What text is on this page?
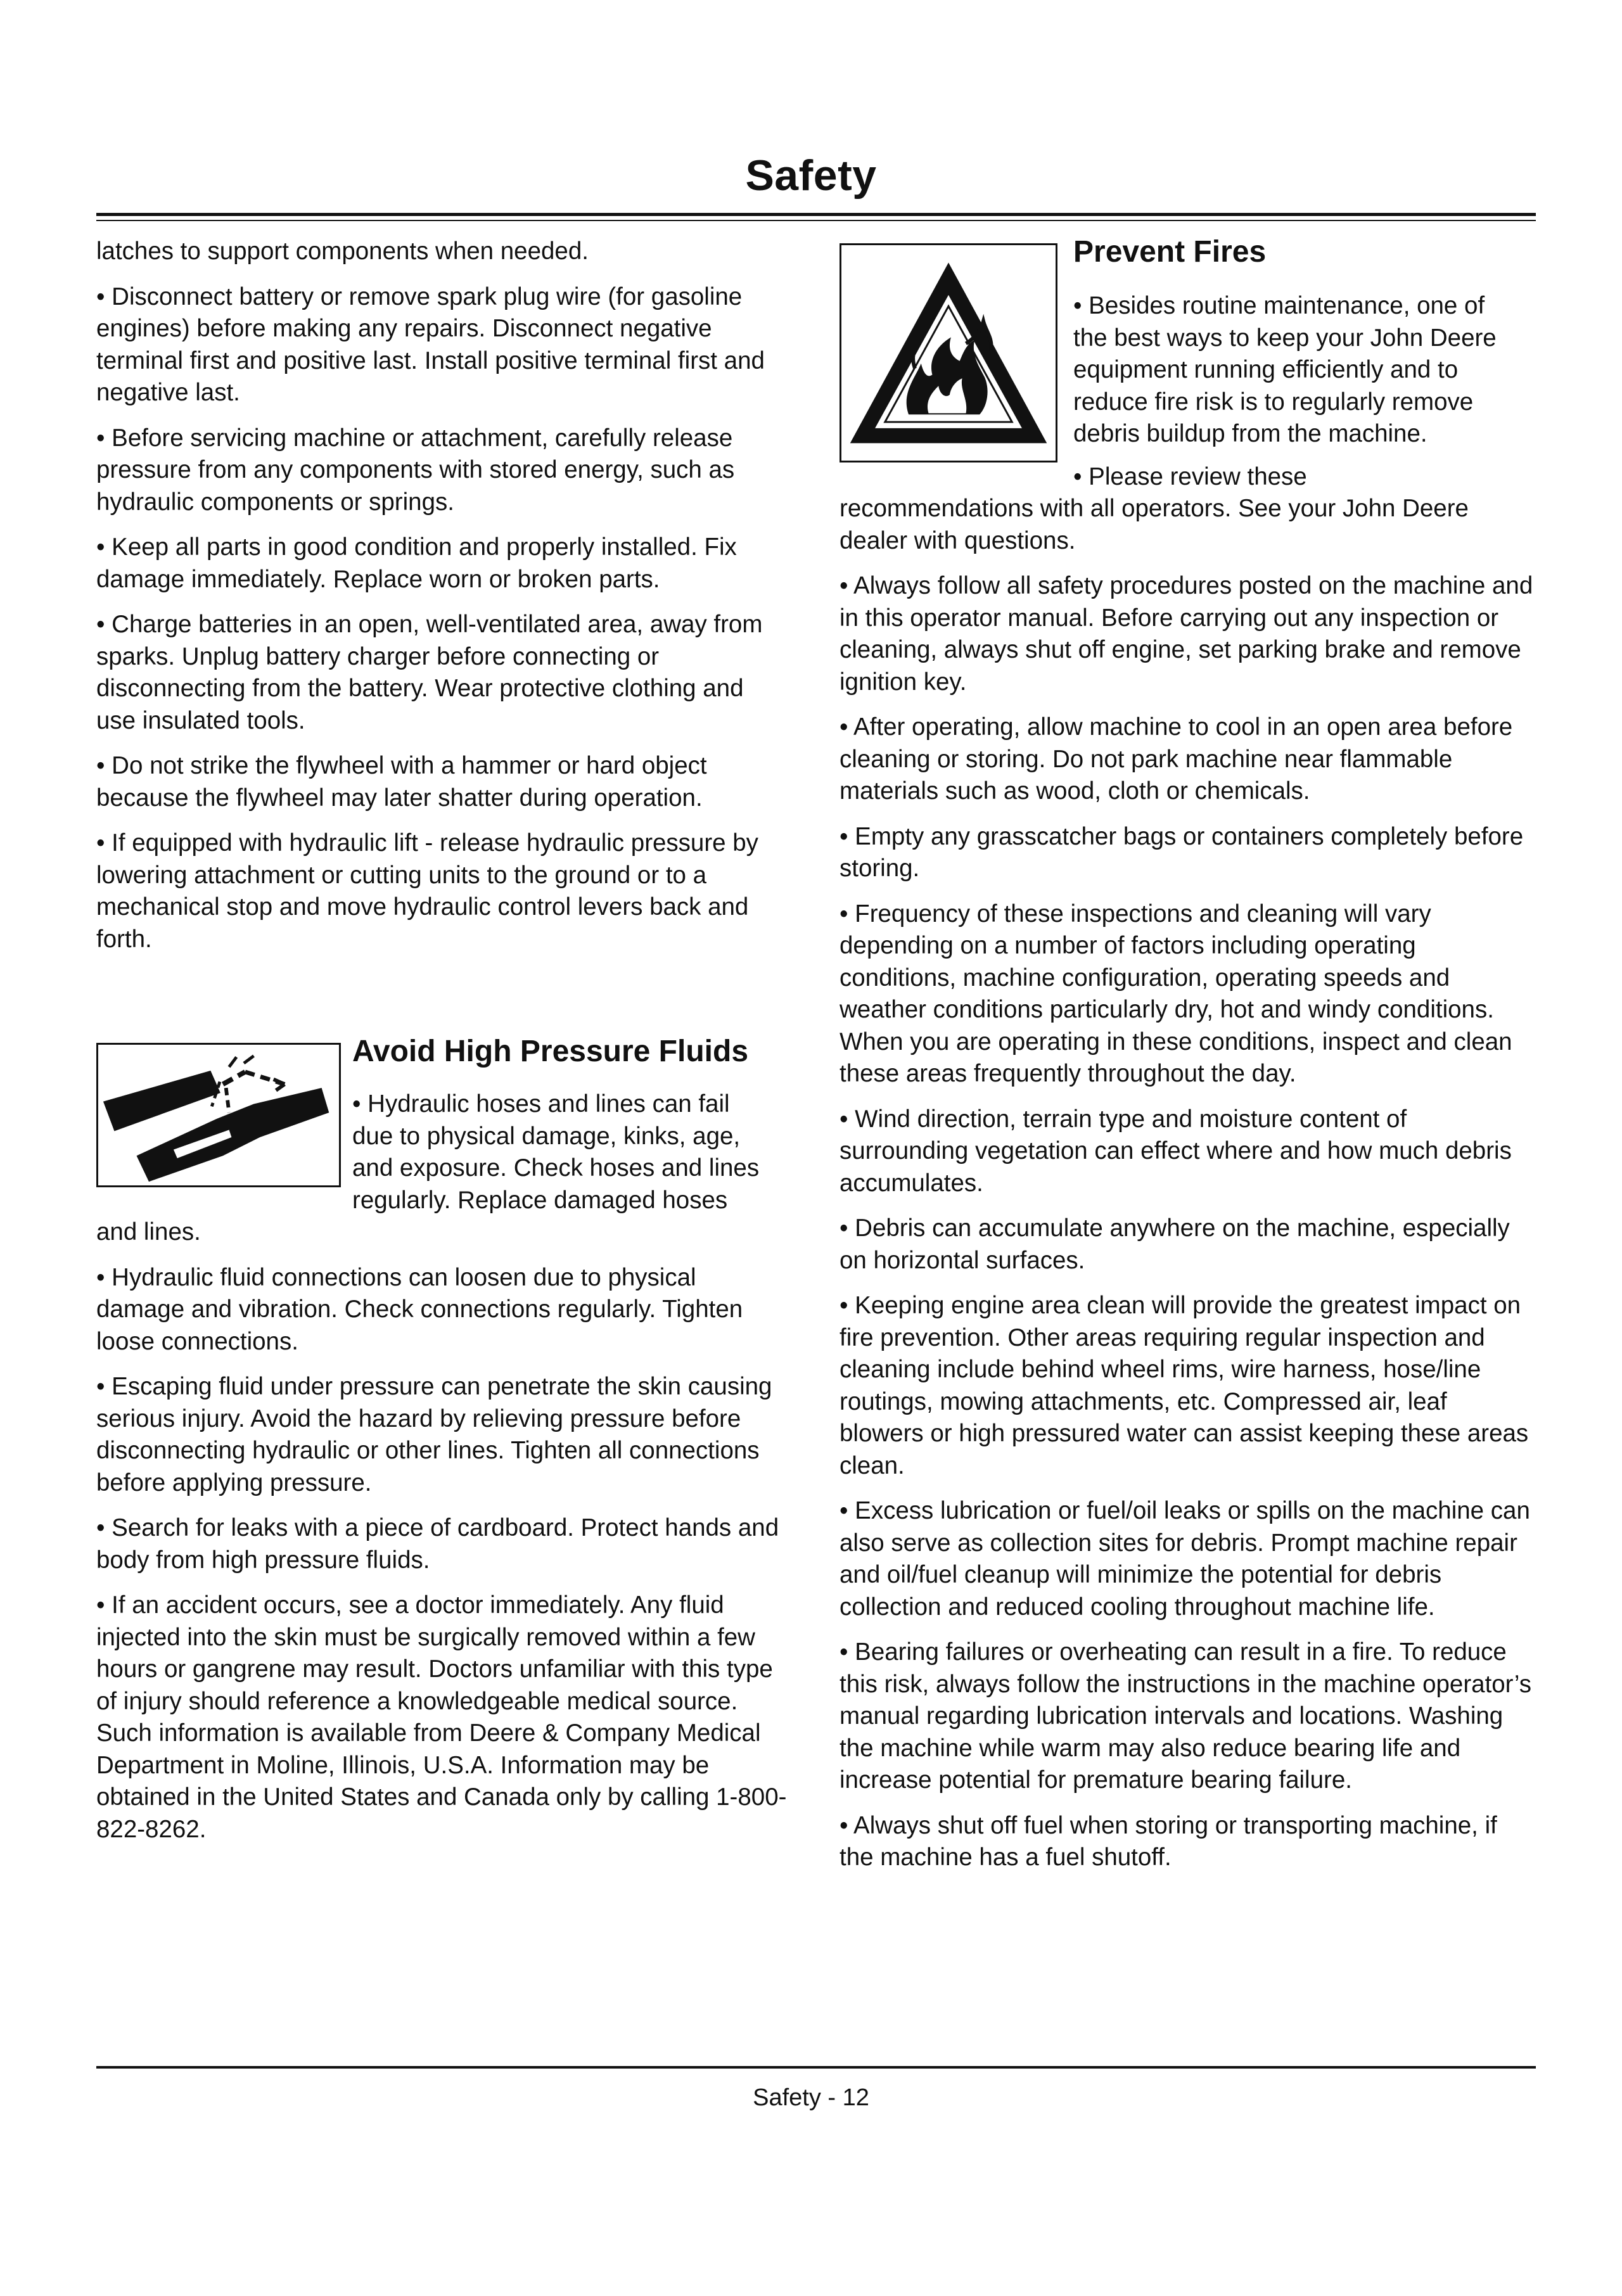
Safety

latches to support components when needed.

• Disconnect battery or remove spark plug wire (for gasoline engines) before making any repairs. Disconnect negative terminal first and positive last. Install positive terminal first and negative last.

• Before servicing machine or attachment, carefully release pressure from any components with stored energy, such as hydraulic components or springs.

• Keep all parts in good condition and properly installed. Fix damage immediately. Replace worn or broken parts.

• Charge batteries in an open, well-ventilated area, away from sparks. Unplug battery charger before connecting or disconnecting from the battery. Wear protective clothing and use insulated tools.

• Do not strike the flywheel with a hammer or hard object because the flywheel may later shatter during operation.

• If equipped with hydraulic lift - release hydraulic pressure by lowering attachment or cutting units to the ground or to a mechanical stop and move hydraulic control levers back and forth.

Avoid High Pressure Fluids
• Hydraulic hoses and lines can fail
due to physical damage, kinks, age,
and exposure. Check hoses and lines
regularly. Replace damaged hoses

and lines.

• Hydraulic fluid connections can loosen due to physical damage and vibration. Check connections regularly. Tighten loose connections.

• Escaping fluid under pressure can penetrate the skin causing serious injury. Avoid the hazard by relieving pressure before disconnecting hydraulic or other lines. Tighten all connections before applying pressure.

• Search for leaks with a piece of cardboard. Protect hands and body from high pressure fluids.

• If an accident occurs, see a doctor immediately. Any fluid injected into the skin must be surgically removed within a few hours or gangrene may result. Doctors unfamiliar with this type of injury should reference a knowledgeable medical source. Such information is available from Deere & Company Medical Department in Moline, Illinois, U.S.A. Information may be obtained in the United States and Canada only by calling 1-800-822-8262.

Prevent Fires
• Besides routine maintenance, one of
the best ways to keep your John Deere
equipment running efficiently and to
reduce fire risk is to regularly remove
debris buildup from the machine.
• Please review these

recommendations with all operators. See your John Deere dealer with questions.

• Always follow all safety procedures posted on the machine and in this operator manual. Before carrying out any inspection or cleaning, always shut off engine, set parking brake and remove ignition key.

• After operating, allow machine to cool in an open area before cleaning or storing. Do not park machine near flammable materials such as wood, cloth or chemicals.

• Empty any grasscatcher bags or containers completely before storing.

• Frequency of these inspections and cleaning will vary depending on a number of factors including operating conditions, machine configuration, operating speeds and weather conditions particularly dry, hot and windy conditions. When you are operating in these conditions, inspect and clean these areas frequently throughout the day.

• Wind direction, terrain type and moisture content of surrounding vegetation can effect where and how much debris accumulates.

• Debris can accumulate anywhere on the machine, especially on horizontal surfaces.

• Keeping engine area clean will provide the greatest impact on fire prevention. Other areas requiring regular inspection and cleaning include behind wheel rims, wire harness, hose/line routings, mowing attachments, etc. Compressed air, leaf blowers or high pressured water can assist keeping these areas clean.

• Excess lubrication or fuel/oil leaks or spills on the machine can also serve as collection sites for debris. Prompt machine repair and oil/fuel cleanup will minimize the potential for debris collection and reduced cooling throughout machine life.

• Bearing failures or overheating can result in a fire. To reduce this risk, always follow the instructions in the machine operator’s manual regarding lubrication intervals and locations. Washing the machine while warm may also reduce bearing life and increase potential for premature bearing failure.

• Always shut off fuel when storing or transporting machine, if the machine has a fuel shutoff.

Safety - 12
